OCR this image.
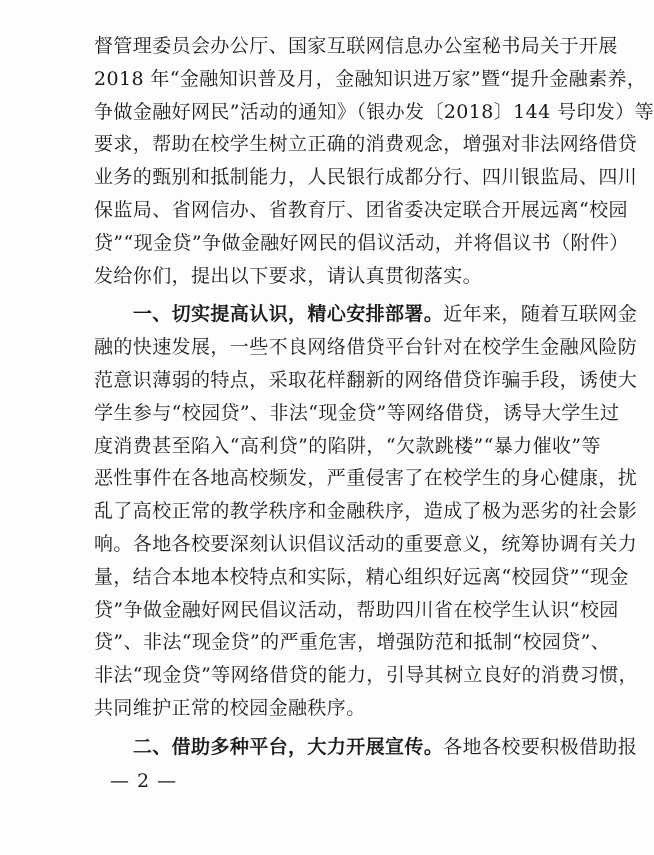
督管理委员会办公厅、国家互联网信息办公室秘书局关于开展
2018 年“金融知识普及月，金融知识进万家”暨“提升金融素养，
争做金融好网民”活动的通知》（银办发〔2018〕144 号印发）等
要求，帮助在校学生树立正确的消费观念，增强对非法网络借贷
业务的甄别和抵制能力，人民银行成都分行、四川银监局、四川
保监局、省网信办、省教育厅、团省委决定联合开展远离“校园
贷”“现金贷”争做金融好网民的倡议活动，并将倡议书（附件）
发给你们，提出以下要求，请认真贯彻落实。
　　一、切实提高认识，精心安排部署。近年来，随着互联网金
融的快速发展，一些不良网络借贷平台针对在校学生金融风险防
范意识薄弱的特点，采取花样翻新的网络借贷诈骗手段，诱使大
学生参与“校园贷”、非法“现金贷”等网络借贷，诱导大学生过
度消费甚至陷入“高利贷”的陷阱，“欠款跳楼”“暴力催收”等
恶性事件在各地高校频发，严重侵害了在校学生的身心健康，扰
乱了高校正常的教学秩序和金融秩序，造成了极为恶劣的社会影
响。各地各校要深刻认识倡议活动的重要意义，统筹协调有关力
量，结合本地本校特点和实际，精心组织好远离“校园贷”“现金
贷”争做金融好网民倡议活动，帮助四川省在校学生认识“校园
贷”、非法“现金贷”的严重危害，增强防范和抵制“校园贷”、
非法“现金贷”等网络借贷的能力，引导其树立良好的消费习惯，
共同维护正常的校园金融秩序。
　　二、借助多种平台，大力开展宣传。各地各校要积极借助报
— 2 —
